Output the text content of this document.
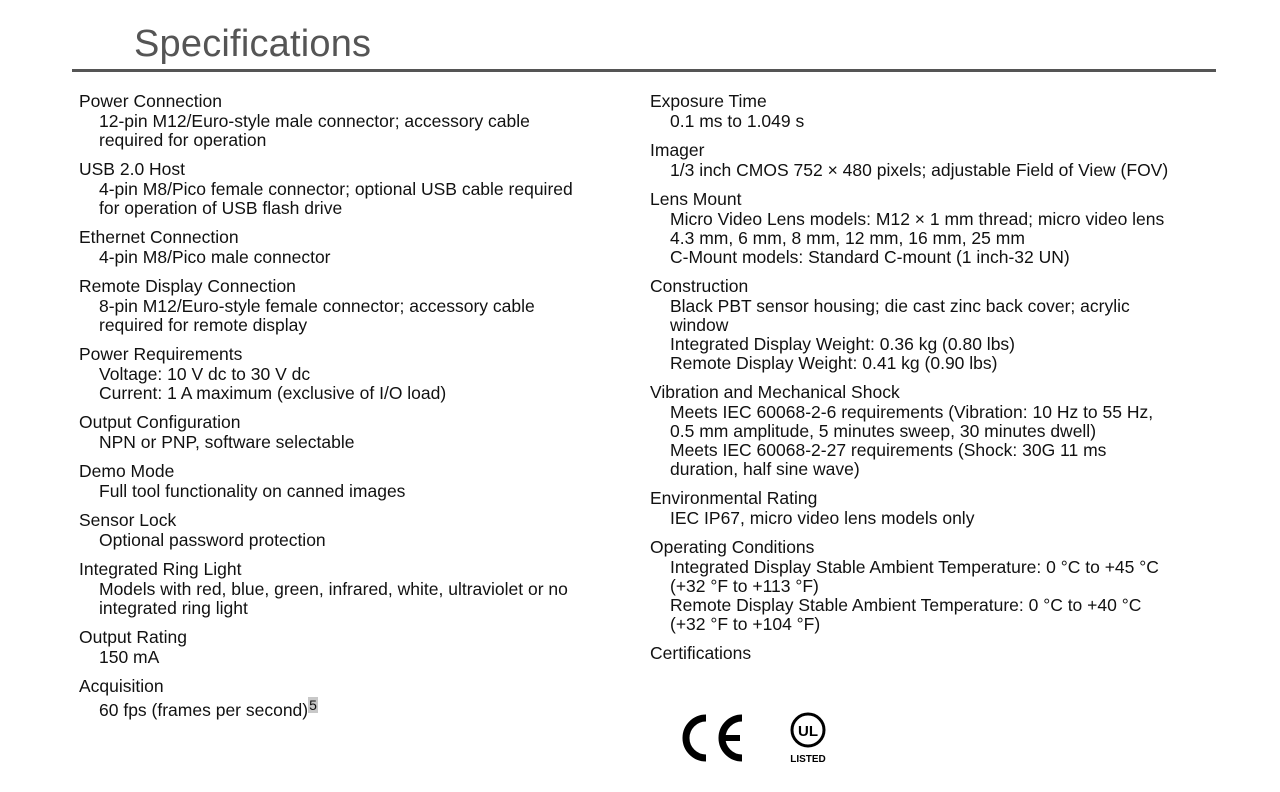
Specifications
Power Connection
12-pin M12/Euro-style male connector; accessory cable
required for operation
USB 2.0 Host
4-pin M8/Pico female connector; optional USB cable required
for operation of USB flash drive
Ethernet Connection
4-pin M8/Pico male connector
Remote Display Connection
8-pin M12/Euro-style female connector; accessory cable
required for remote display
Power Requirements
Voltage: 10 V dc to 30 V dc
Current: 1 A maximum (exclusive of I/O load)
Output Configuration
NPN or PNP, software selectable
Demo Mode
Full tool functionality on canned images
Sensor Lock
Optional password protection
Integrated Ring Light
Models with red, blue, green, infrared, white, ultraviolet or no
integrated ring light
Output Rating
150 mA
Acquisition
60 fps (frames per second)5
Exposure Time
0.1 ms to 1.049 s
Imager
1/3 inch CMOS 752 × 480 pixels; adjustable Field of View (FOV)
Lens Mount
Micro Video Lens models: M12 × 1 mm thread; micro video lens
4.3 mm, 6 mm, 8 mm, 12 mm, 16 mm, 25 mm
C-Mount models: Standard C-mount (1 inch-32 UN)
Construction
Black PBT sensor housing; die cast zinc back cover; acrylic
window
Integrated Display Weight: 0.36 kg (0.80 lbs)
Remote Display Weight: 0.41 kg (0.90 lbs)
Vibration and Mechanical Shock
Meets IEC 60068-2-6 requirements (Vibration: 10 Hz to 55 Hz,
0.5 mm amplitude, 5 minutes sweep, 30 minutes dwell)
Meets IEC 60068-2-27 requirements (Shock: 30G 11 ms
duration, half sine wave)
Environmental Rating
IEC IP67, micro video lens models only
Operating Conditions
Integrated Display Stable Ambient Temperature: 0 °C to +45 °C
(+32 °F to +113 °F)
Remote Display Stable Ambient Temperature: 0 °C to +40 °C
(+32 °F to +104 °F)
Certifications
UL
LISTED
